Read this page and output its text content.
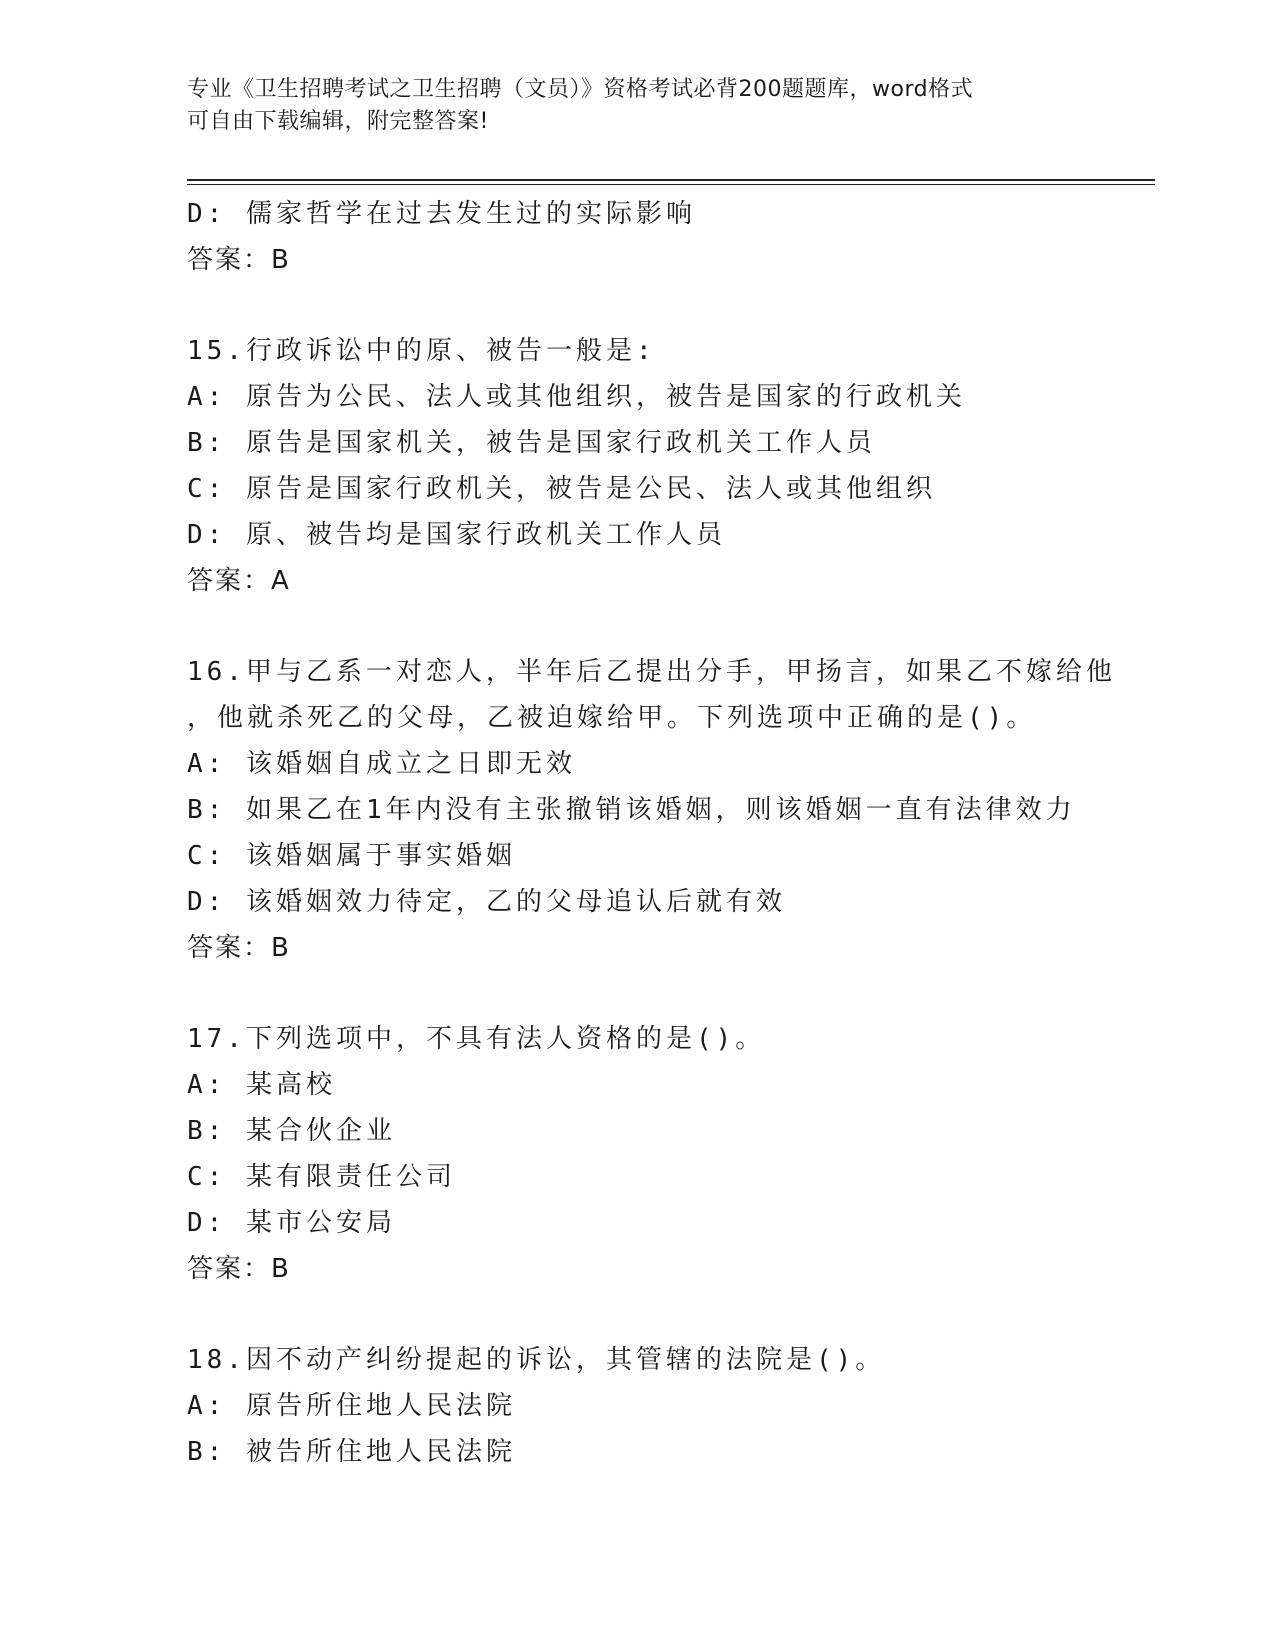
专业《卫生招聘考试之卫生招聘（文员）》资格考试必背200题题库，word格式
可自由下载编辑，附完整答案!
D: 儒家哲学在过去发生过的实际影响
答案：B
15.行政诉讼中的原、被告一般是:
A: 原告为公民、法人或其他组织，被告是国家的行政机关
B: 原告是国家机关，被告是国家行政机关工作人员
C: 原告是国家行政机关，被告是公民、法人或其他组织
D: 原、被告均是国家行政机关工作人员
答案：A
16.甲与乙系一对恋人，半年后乙提出分手，甲扬言，如果乙不嫁给他
，他就杀死乙的父母，乙被迫嫁给甲。下列选项中正确的是()。
A: 该婚姻自成立之日即无效
B: 如果乙在1年内没有主张撤销该婚姻，则该婚姻一直有法律效力
C: 该婚姻属于事实婚姻
D: 该婚姻效力待定，乙的父母追认后就有效
答案：B
17.下列选项中，不具有法人资格的是()。
A: 某高校
B: 某合伙企业
C: 某有限责任公司
D: 某市公安局
答案：B
18.因不动产纠纷提起的诉讼，其管辖的法院是()。
A: 原告所住地人民法院
B: 被告所住地人民法院
